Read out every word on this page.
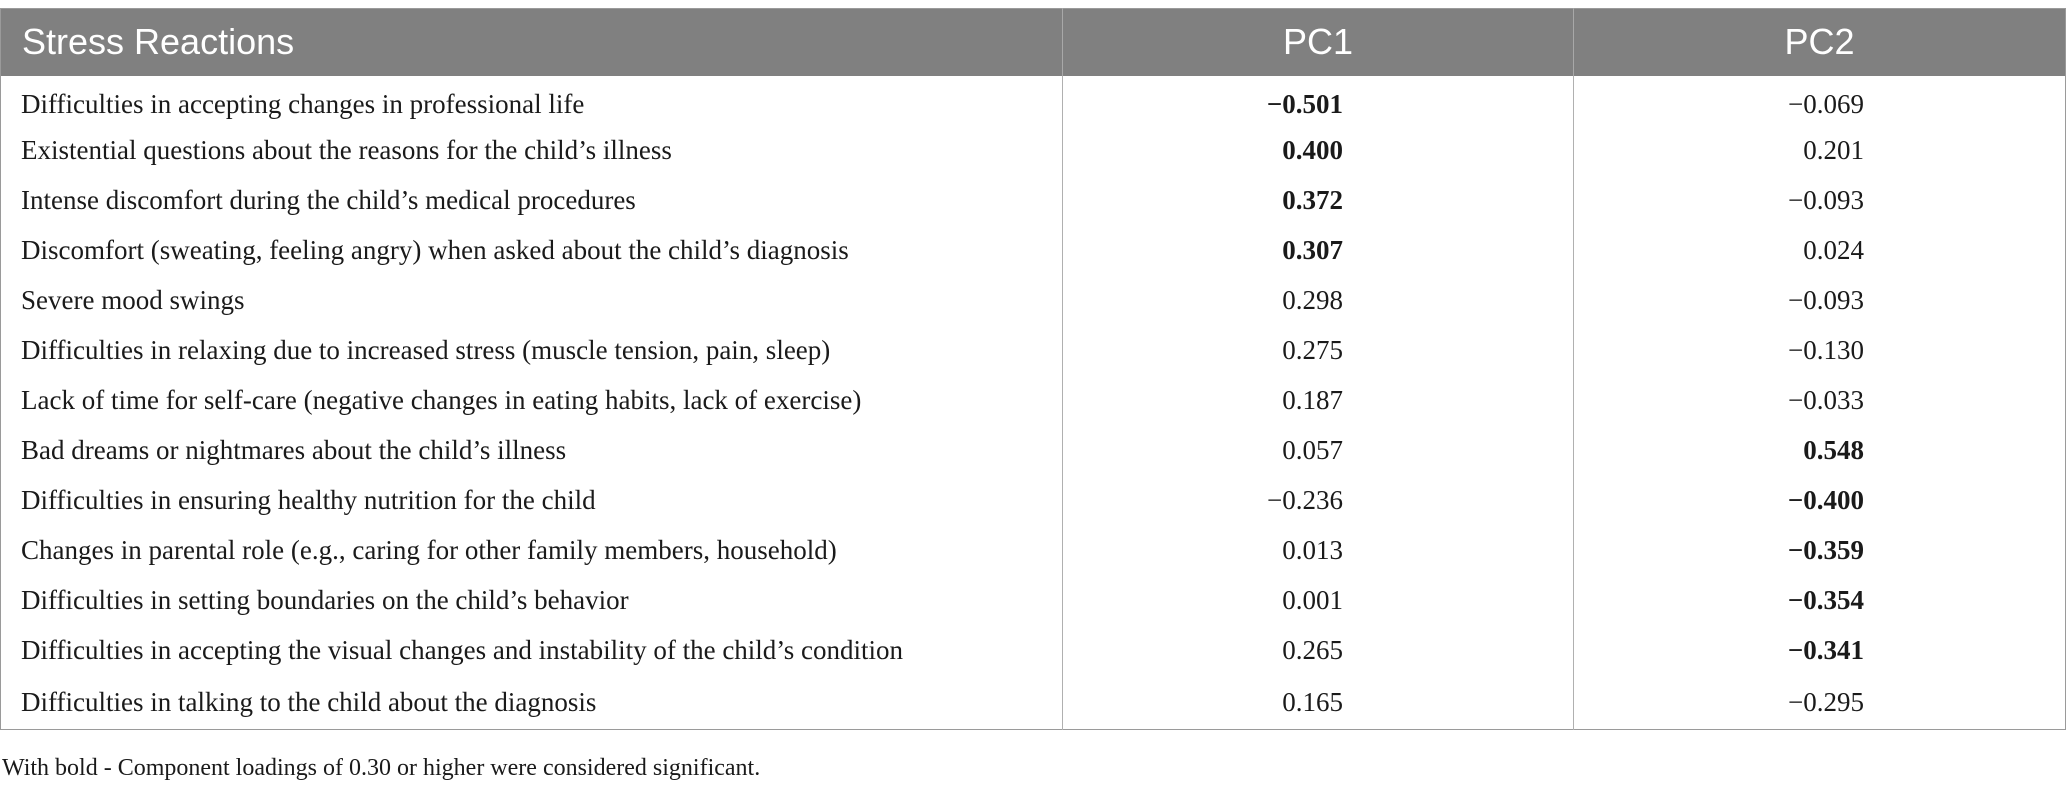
Stress Reactions	PC1	PC2
Difficulties in accepting changes in professional life	−0.501	−0.069
Existential questions about the reasons for the child’s illness	0.400	0.201
Intense discomfort during the child’s medical procedures	0.372	−0.093
Discomfort (sweating, feeling angry) when asked about the child’s diagnosis	0.307	0.024
Severe mood swings	0.298	−0.093
Difficulties in relaxing due to increased stress (muscle tension, pain, sleep)	0.275	−0.130
Lack of time for self-care (negative changes in eating habits, lack of exercise)	0.187	−0.033
Bad dreams or nightmares about the child’s illness	0.057	0.548
Difficulties in ensuring healthy nutrition for the child	−0.236	−0.400
Changes in parental role (e.g., caring for other family members, household)	0.013	−0.359
Difficulties in setting boundaries on the child’s behavior	0.001	−0.354
Difficulties in accepting the visual changes and instability of the child’s condition	0.265	−0.341
Difficulties in talking to the child about the diagnosis	0.165	−0.295
With bold - Component loadings of 0.30 or higher were considered significant.
